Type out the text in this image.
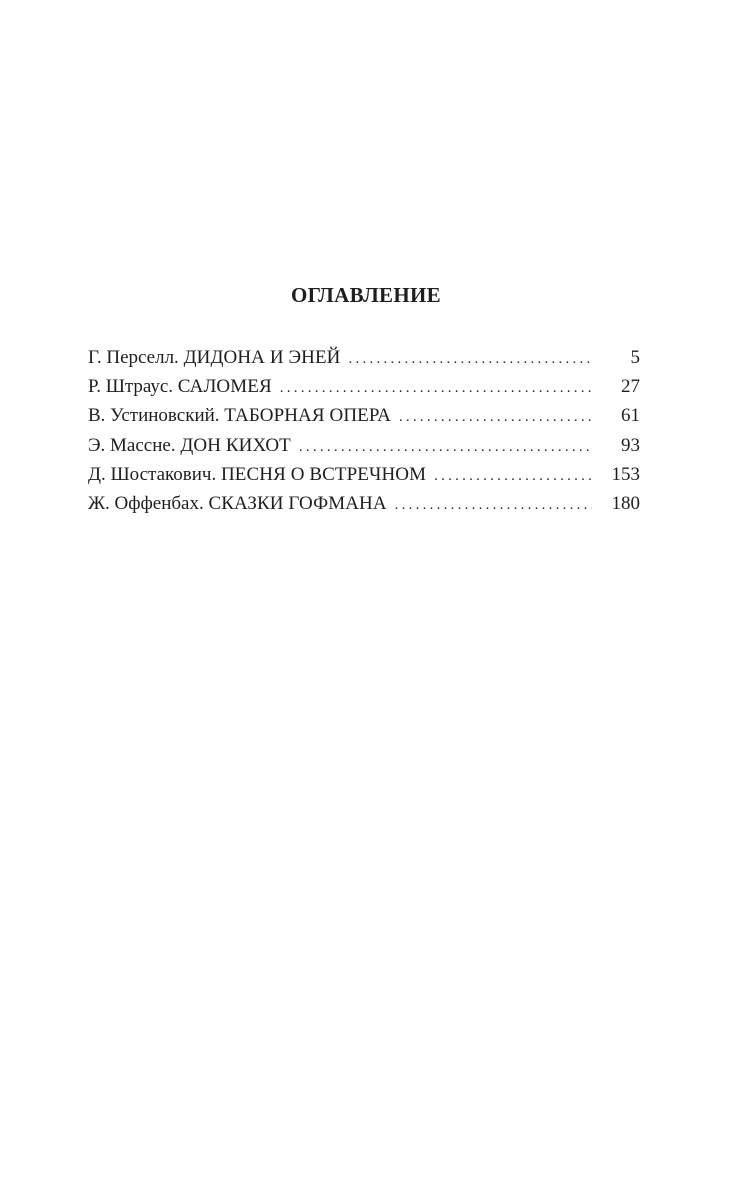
ОГЛАВЛЕНИЕ
Г. Перселл. ДИДОНА И ЭНЕЙ . . .	5
Р. Штраус. САЛОМЕЯ . . .	27
В. Устиновский. ТАБОРНАЯ ОПЕРА . . .	61
Э. Массне. ДОН КИХОТ . . .	93
Д. Шостакович. ПЕСНЯ О ВСТРЕЧНОМ . . .	153
Ж. Оффенбах. СКАЗКИ ГОФМАНА . . .	180
